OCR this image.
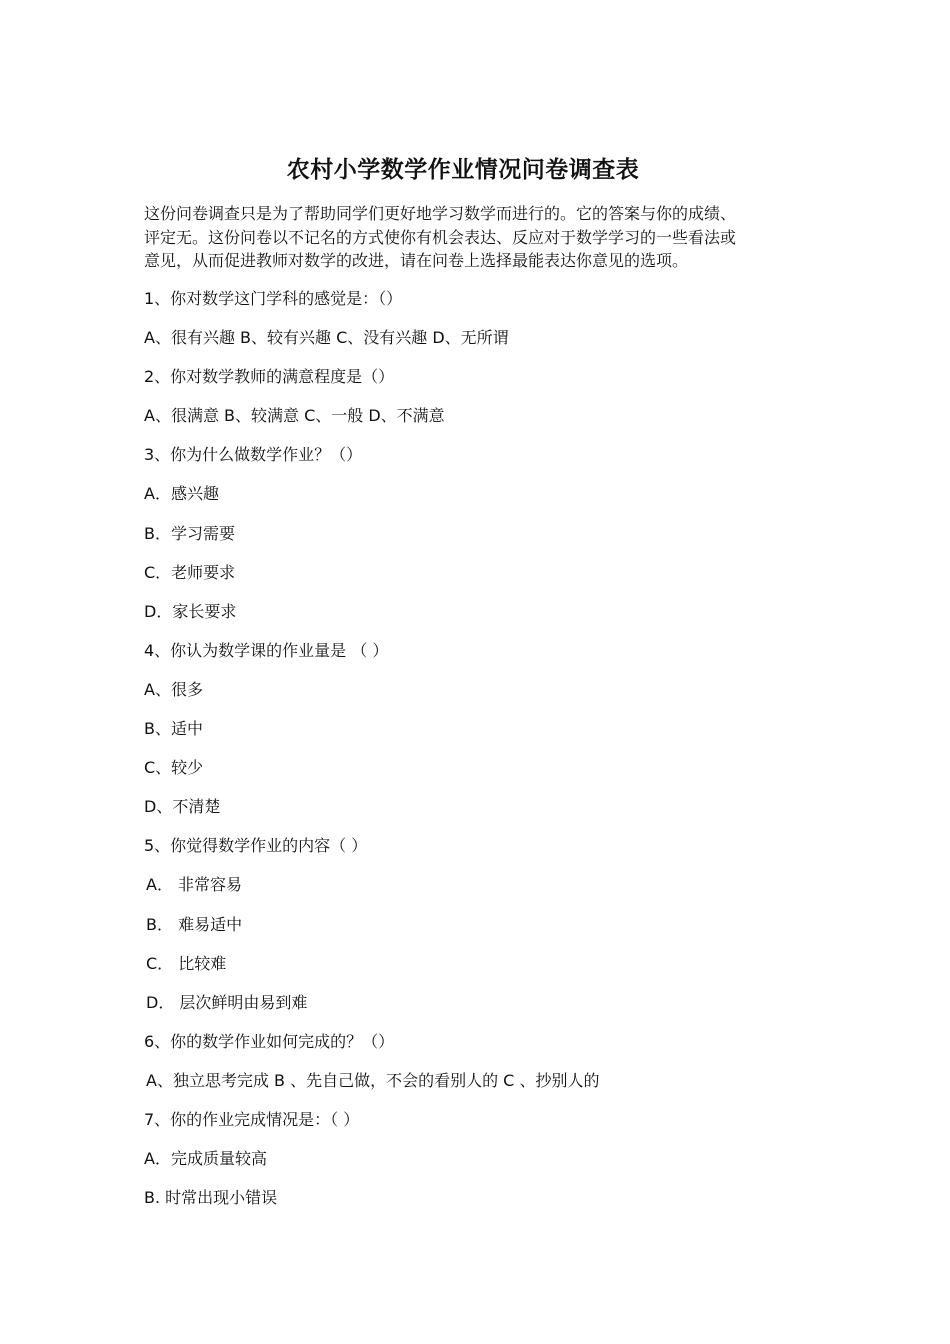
农村小学数学作业情况问卷调查表

这份问卷调查只是为了帮助同学们更好地学习数学而进行的。它的答案与你的成绩、

评定无。这份问卷以不记名的方式使你有机会表达、反应对于数学学习的一些看法或

意见，从而促进教师对数学的改进，请在问卷上选择最能表达你意见的选项。

1、你对数学这门学科的感觉是：（）
A、很有兴趣 B、较有兴趣 C、没有兴趣 D、无所谓
2、你对数学教师的满意程度是（）
A、很满意 B、较满意 C、一般 D、不满意
3、你为什么做数学作业？（）
A．感兴趣
B．学习需要
C．老师要求
D．家长要求
4、你认为数学课的作业量是 （ ）
A、很多
B、适中
C、较少
D、不清楚
5、你觉得数学作业的内容（ ）
A． 非常容易
B． 难易适中
C． 比较难
D． 层次鲜明由易到难
6、你的数学作业如何完成的？（）
A、独立思考完成 B 、先自己做，不会的看别人的 C 、抄别人的
7、你的作业完成情况是：（ ）
A．完成质量较高
B. 时常出现小错误
